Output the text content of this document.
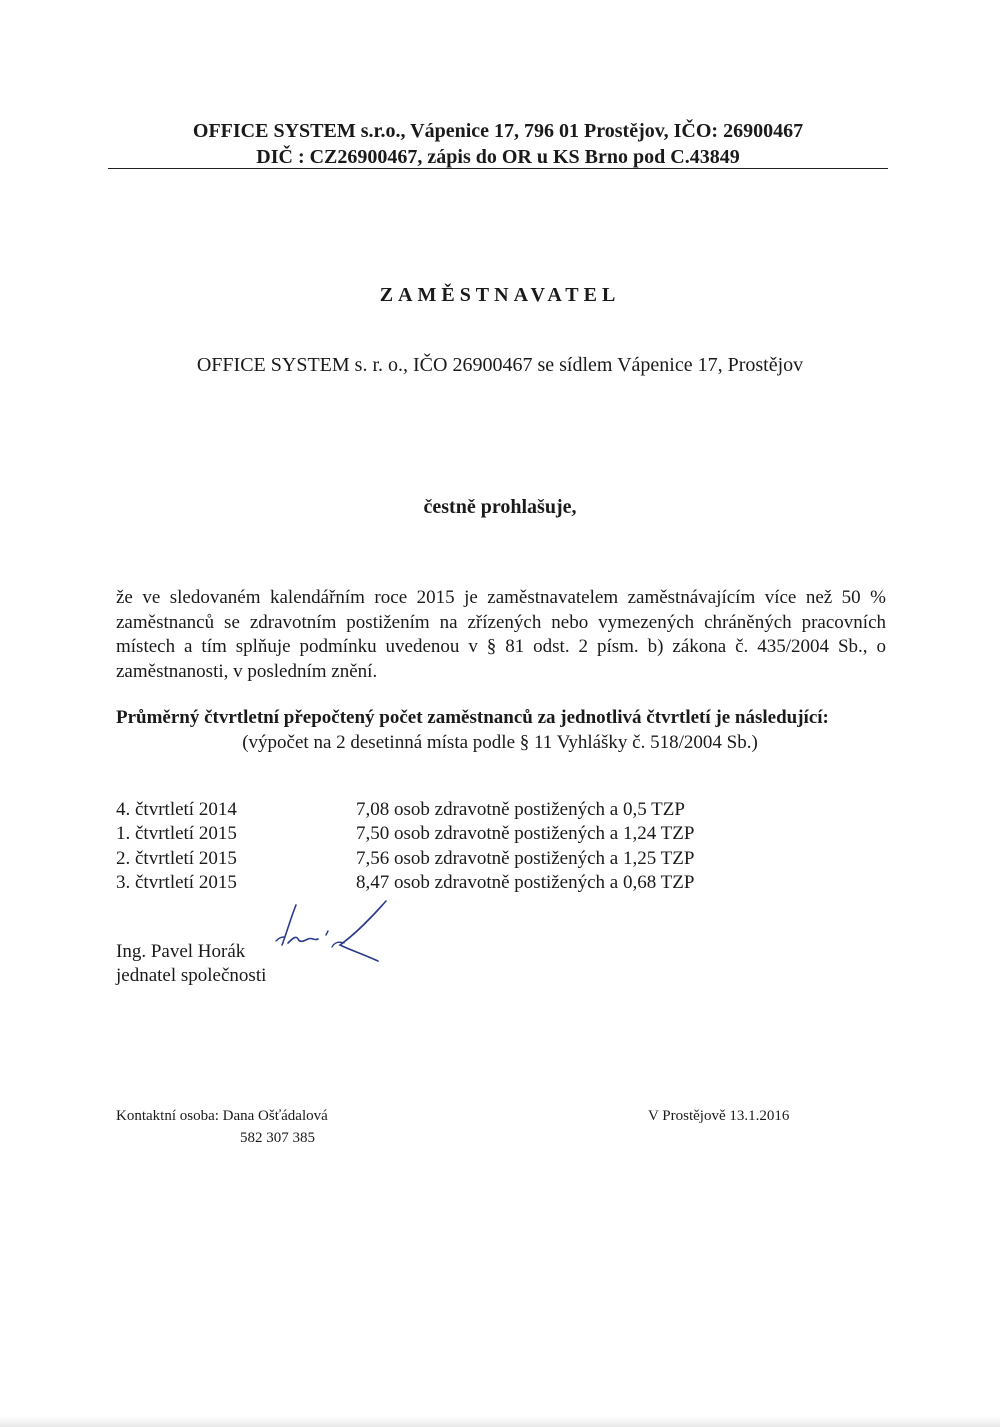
OFFICE SYSTEM s.r.o., Vápenice 17, 796 01 Prostějov, IČO: 26900467
DIČ : CZ26900467, zápis do OR u KS Brno pod C.43849
ZAMĚSTNAVATEL
OFFICE SYSTEM s. r. o., IČO 26900467 se sídlem Vápenice 17, Prostějov
čestně prohlašuje,
že ve sledovaném kalendářním roce 2015 je zaměstnavatelem zaměstnávajícím více než 50 % zaměstnanců se zdravotním postižením na zřízených nebo vymezených chráněných pracovních místech a tím splňuje podmínku uvedenou v § 81 odst. 2 písm. b) zákona č. 435/2004 Sb., o zaměstnanosti, v posledním znění.
Průměrný čtvrtletní přepočtený počet zaměstnanců za jednotlivá čtvrtletí je následující:
(výpočet na 2 desetinná místa podle § 11 Vyhlášky č. 518/2004 Sb.)
4. čtvrtletí 2014	7,08 osob zdravotně postižených a 0,5 TZP
1. čtvrtletí 2015	7,50 osob zdravotně postižených a 1,24 TZP
2. čtvrtletí 2015	7,56 osob zdravotně postižených a 1,25 TZP
3. čtvrtletí 2015	8,47 osob zdravotně postižených a 0,68 TZP
Ing. Pavel Horák
jednatel společnosti
Kontaktní osoba: Dana Ošťádalová
582 307 385
V Prostějově 13.1.2016
